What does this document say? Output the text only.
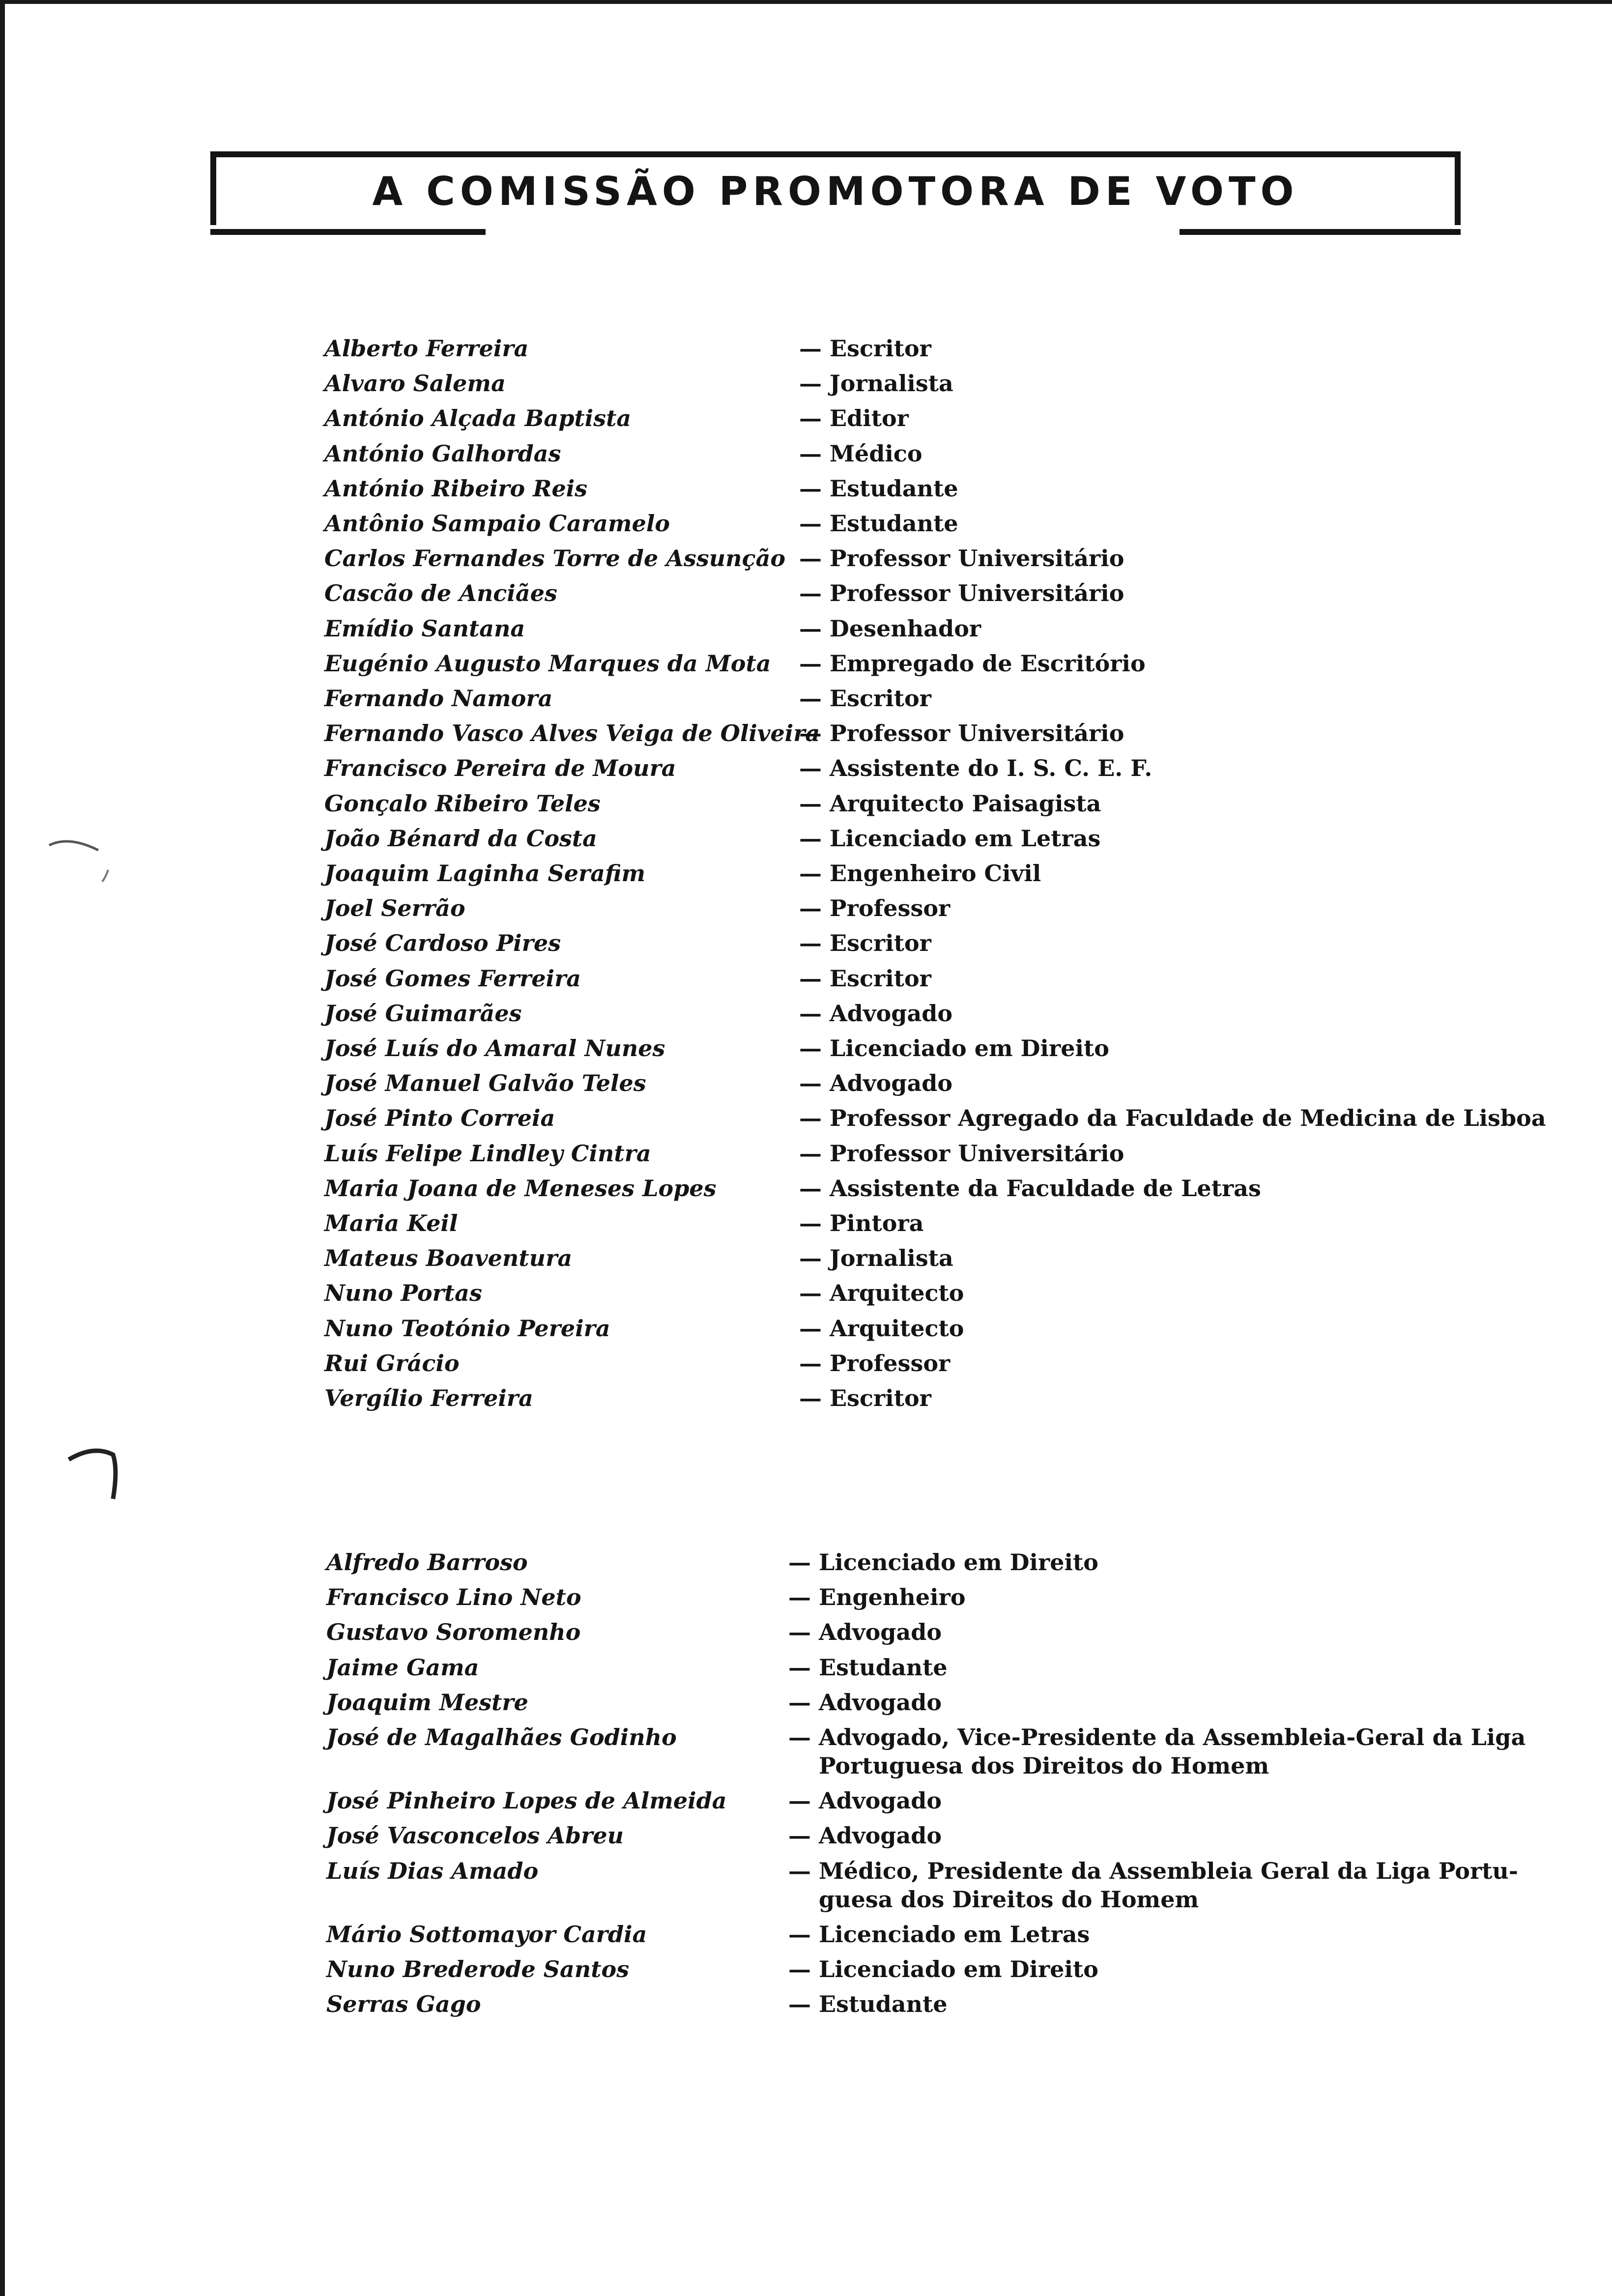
A COMISSÃO PROMOTORA DE VOTO
Alberto Ferreira	— Escritor
Alvaro Salema	— Jornalista
António Alçada Baptista	— Editor
António Galhordas	— Médico
António Ribeiro Reis	— Estudante
Antônio Sampaio Caramelo	— Estudante
Carlos Fernandes Torre de Assunção — Professor Universitário
Cascão de Anciães	— Professor Universitário
Emídio Santana	— Desenhador
Eugénio Augusto Marques da Mota — Empregado de Escritório
Fernando Namora	— Escritor
Fernando Vasco Alves Veiga de Oliveira
— Professor Universitário
Francisco Pereira de Moura	— Assistente do I. S. C. E. F.
Gonçalo Ribeiro Teles	— Arquitecto Paisagista
João Bénard da Costa	— Licenciado em Letras
Joaquim Laginha Serafim	— Engenheiro Civil
Joel Serrão	— Professor
José Cardoso Pires	— Escritor
José Gomes Ferreira	— Escritor
José Guimarães	— Advogado
José Luís do Amaral Nunes	— Licenciado em Direito
José Manuel Galvão Teles	— Advogado
José Pinto Correia	— Professor Agregado da Faculdade de Medicina de Lisboa
Luís Felipe Lindley Cintra	— Professor Universitário
Maria Joana de Meneses Lopes	— Assistente da Faculdade de Letras
Maria Keil	— Pintora
Mateus Boaventura	— Jornalista
Nuno Portas	— Arquitecto
Nuno Teotónio Pereira	— Arquitecto
Rui Grácio	— Professor
Vergílio Ferreira	— Escritor
Alfredo Barroso	— Licenciado em Direito
Francisco Lino Neto	— Engenheiro
Gustavo Soromenho	— Advogado
Jaime Gama	— Estudante
Joaquim Mestre	— Advogado
José de Magalhães Godinho	— Advogado, Vice-Presidente da Assembleia-Geral da Liga
Portuguesa dos Direitos do Homem
José Pinheiro Lopes de Almeida	— Advogado
José Vasconcelos Abreu	— Advogado
Luís Dias Amado	— Médico, Presidente da Assembleia Geral da Liga Portu-
guesa dos Direitos do Homem
Mário Sottomayor Cardia	— Licenciado em Letras
Nuno Brederode Santos	— Licenciado em Direito
Serras Gago	— Estudante
